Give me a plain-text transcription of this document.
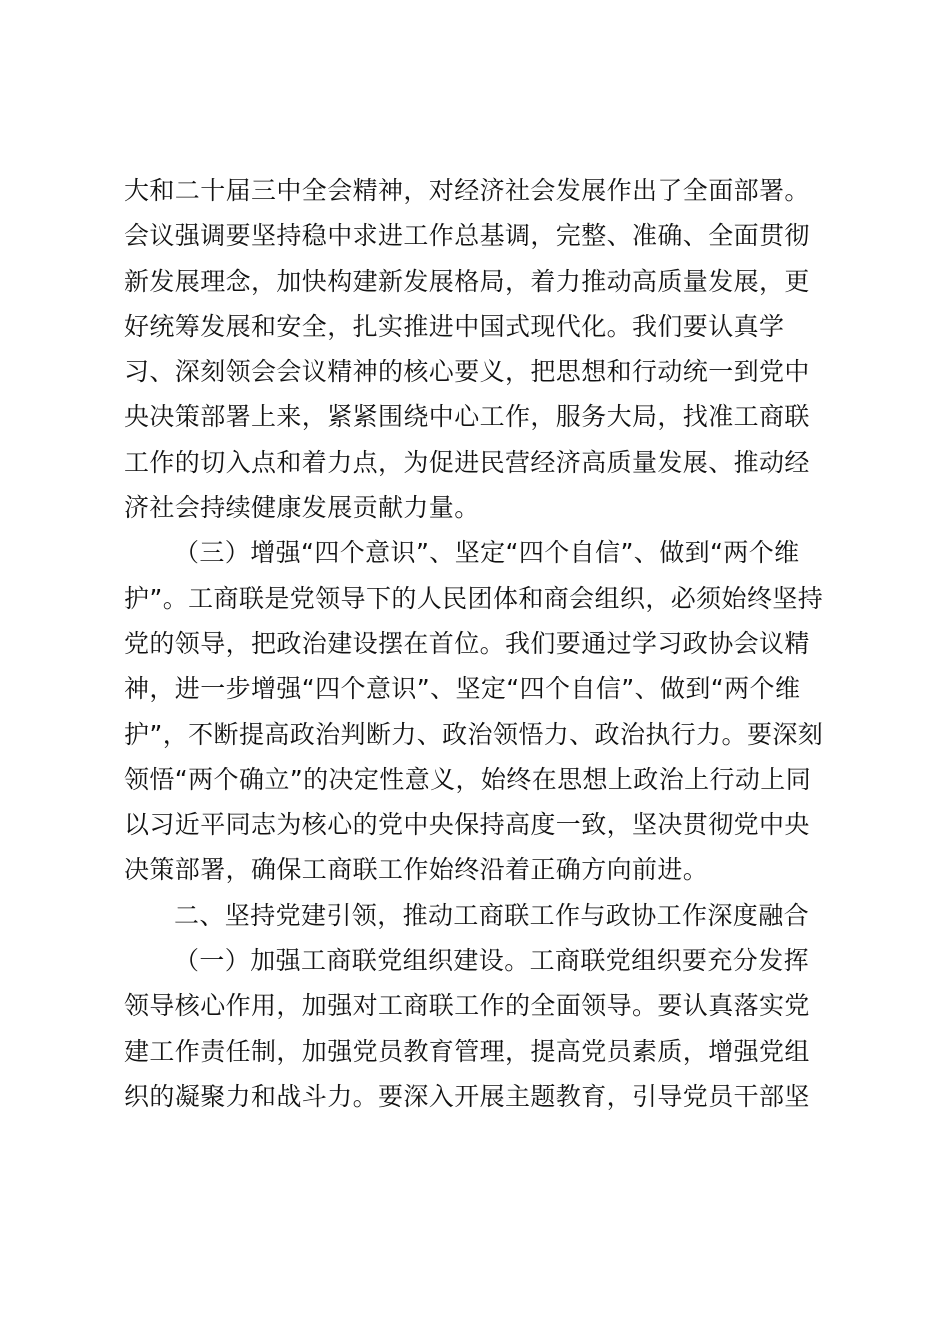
大和二十届三中全会精神，对经济社会发展作出了全面部署。
会议强调要坚持稳中求进工作总基调，完整、准确、全面贯彻
新发展理念，加快构建新发展格局，着力推动高质量发展，更
好统筹发展和安全，扎实推进中国式现代化。我们要认真学
习、深刻领会会议精神的核心要义，把思想和行动统一到党中
央决策部署上来，紧紧围绕中心工作，服务大局，找准工商联
工作的切入点和着力点，为促进民营经济高质量发展、推动经
济社会持续健康发展贡献力量。
（三）增强“四个意识”、坚定“四个自信”、做到“两个维
护”。工商联是党领导下的人民团体和商会组织，必须始终坚持
党的领导，把政治建设摆在首位。我们要通过学习政协会议精
神，进一步增强“四个意识”、坚定“四个自信”、做到“两个维
护”，不断提高政治判断力、政治领悟力、政治执行力。要深刻
领悟“两个确立”的决定性意义，始终在思想上政治上行动上同
以习近平同志为核心的党中央保持高度一致，坚决贯彻党中央
决策部署，确保工商联工作始终沿着正确方向前进。
二、坚持党建引领，推动工商联工作与政协工作深度融合
（一）加强工商联党组织建设。工商联党组织要充分发挥
领导核心作用，加强对工商联工作的全面领导。要认真落实党
建工作责任制，加强党员教育管理，提高党员素质，增强党组
织的凝聚力和战斗力。要深入开展主题教育，引导党员干部坚
